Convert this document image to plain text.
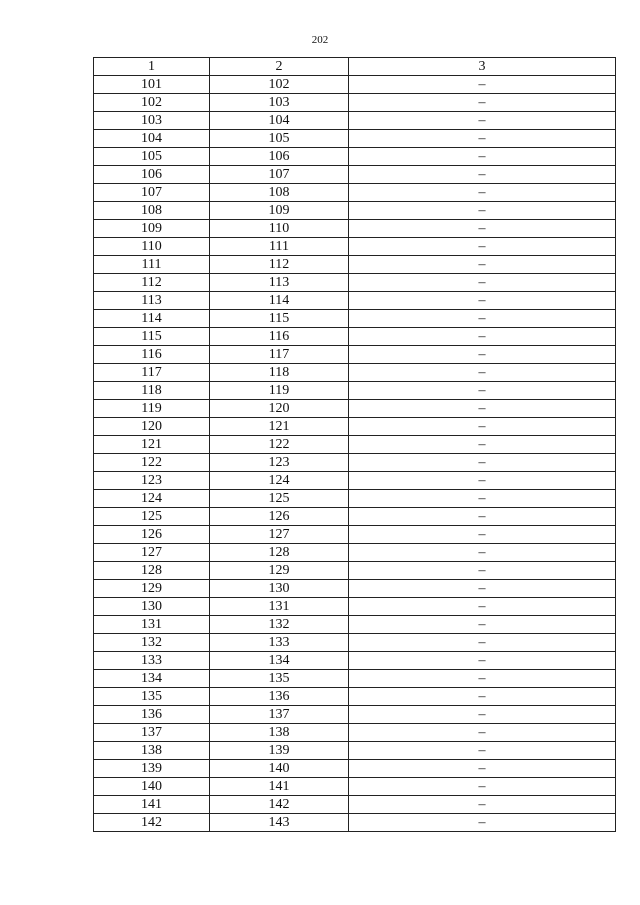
202
1	2	3
101	102	–
102	103	–
103	104	–
104	105	–
105	106	–
106	107	–
107	108	–
108	109	–
109	110	–
110	111	–
111	112	–
112	113	–
113	114	–
114	115	–
115	116	–
116	117	–
117	118	–
118	119	–
119	120	–
120	121	–
121	122	–
122	123	–
123	124	–
124	125	–
125	126	–
126	127	–
127	128	–
128	129	–
129	130	–
130	131	–
131	132	–
132	133	–
133	134	–
134	135	–
135	136	–
136	137	–
137	138	–
138	139	–
139	140	–
140	141	–
141	142	–
142	143	–
